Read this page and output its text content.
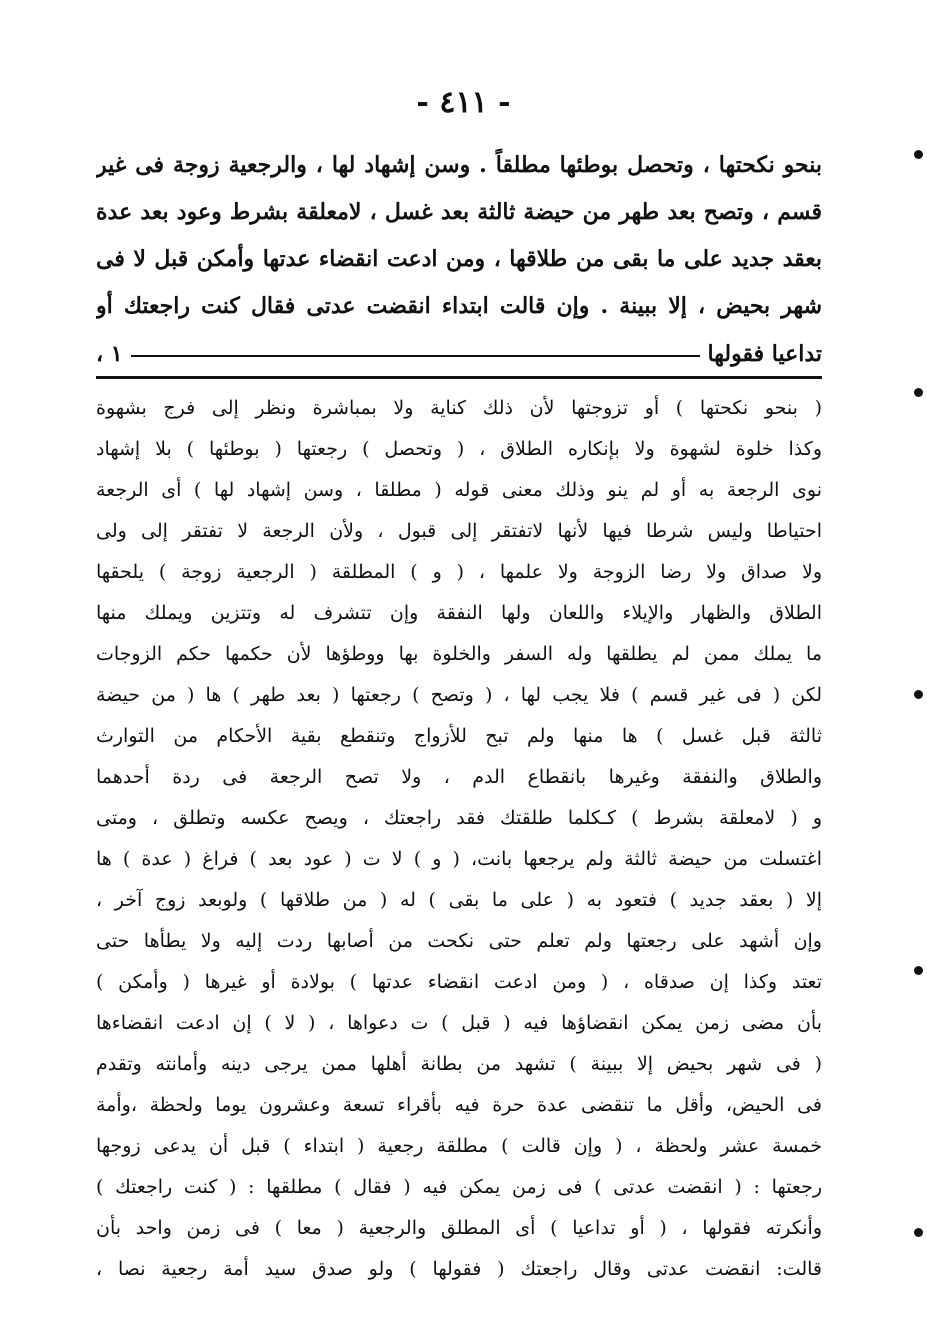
- ٤١١ -
بنحو نكحتها ، وتحصل بوطئها مطلقاً . وسن إشهاد لها ، والرجعية زوجة فى غير
قسم ، وتصح بعد طهر من حيضة ثالثة بعد غسل ، لامعلقة بشرط وعود بعد عدة
بعقد جديد على ما بقى من طلاقها ، ومن ادعت انقضاء عدتها وأمكن قبل لا فى
شهر بحيض ، إلا ببينة . وإن قالت ابتداء انقضت عدتى فقال كنت راجعتك أو
تداعيا فقولها
١ ،
( بنحو نكحتها ) أو تزوجتها لأن ذلك كناية ولا بمباشرة ونظر إلى فرج بشهوة
وكذا خلوة لشهوة ولا بإنكاره الطلاق ، ( وتحصل ) رجعتها ( بوطئها ) بلا إشهاد
نوى الرجعة به أو لم ينو وذلك معنى قوله ( مطلقا ، وسن إشهاد لها ) أى الرجعة
احتياطا وليس شرطا فيها لأنها لاتفتقر إلى قبول ، ولأن الرجعة لا تفتقر إلى ولى
ولا صداق ولا رضا الزوجة ولا علمها ، ( و ) المطلقة ( الرجعية زوجة ) يلحقها
الطلاق والظهار والإيلاء واللعان ولها النفقة وإن تتشرف له وتتزين ويملك منها
ما يملك ممن لم يطلقها وله السفر والخلوة بها ووطؤها لأن حكمها حكم الزوجات
لكن ( فى غير قسم ) فلا يجب لها ، ( وتصح ) رجعتها ( بعد طهر ) ها ( من حيضة
ثالثة قبل غسل ) ها منها ولم تبح للأزواج وتنقطع بقية الأحكام من التوارث
والطلاق والنفقة وغيرها بانقطاع الدم ، ولا تصح الرجعة فى ردة أحدهما
و ( لامعلقة بشرط ) كـكلما طلقتك فقد راجعتك ، ويصح عكسه وتطلق ، ومتى
اغتسلت من حيضة ثالثة ولم يرجعها بانت، ( و ) لا ت ( عود بعد ) فراغ ( عدة ) ها
إلا ( بعقد جديد ) فتعود به ( على ما بقى ) له ( من طلاقها ) ولوبعد زوج آخر ،
وإن أشهد على رجعتها ولم تعلم حتى نكحت من أصابها ردت إليه ولا يطأها حتى
تعتد وكذا إن صدقاه ، ( ومن ادعت انقضاء عدتها ) بولادة أو غيرها ( وأمكن )
بأن مضى زمن يمكن انقضاؤها فيه ( قبل ) ت دعواها ، ( لا ) إن ادعت انقضاءها
( فى شهر بحيض إلا ببينة ) تشهد من بطانة أهلها ممن يرجى دينه وأمانته وتقدم
فى الحيض، وأقل ما تنقضى عدة حرة فيه بأقراء تسعة وعشرون يوما ولحظة ،وأمة
خمسة عشر ولحظة ، ( وإن قالت ) مطلقة رجعية ( ابتداء ) قبل أن يدعى زوجها
رجعتها : ( انقضت عدتى ) فى زمن يمكن فيه ( فقال ) مطلقها : ( كنت راجعتك )
وأنكرته فقولها ، ( أو تداعيا ) أى المطلق والرجعية ( معا ) فى زمن واحد بأن
قالت: انقضت عدتى وقال راجعتك ( فقولها ) ولو صدق سيد أمة رجعية نصا ،
